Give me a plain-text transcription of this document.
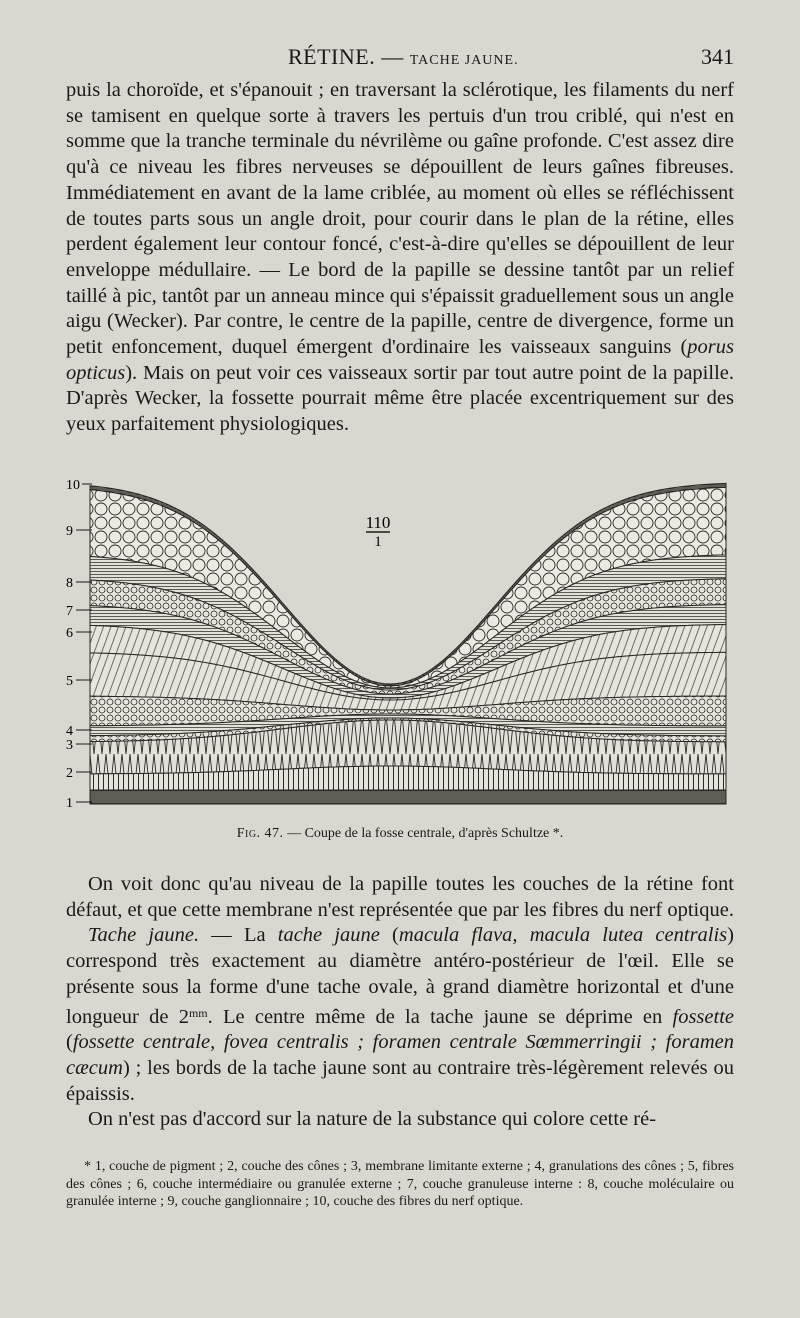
RÉTINE. — TACHE JAUNE.	341

puis la choroïde, et s'épanouit ; en traversant la sclérotique, les filaments du nerf se tamisent en quelque sorte à travers les pertuis d'un trou criblé, qui n'est en somme que la tranche terminale du névrilème ou gaîne profonde. C'est assez dire qu'à ce niveau les fibres nerveuses se dépouillent de leurs gaînes fibreuses. Immédiatement en avant de la lame criblée, au moment où elles se réfléchissent de toutes parts sous un angle droit, pour courir dans le plan de la rétine, elles perdent également leur contour foncé, c'est-à-dire qu'elles se dépouillent de leur enveloppe médullaire. — Le bord de la papille se dessine tantôt par un relief taillé à pic, tantôt par un anneau mince qui s'épaissit graduellement sous un angle aigu (Wecker). Par contre, le centre de la papille, centre de divergence, forme un petit enfoncement, duquel émergent d'ordinaire les vaisseaux sanguins (porus opticus). Mais on peut voir ces vaisseaux sortir par tout autre point de la papille. D'après Wecker, la fossette pourrait même être placée excentriquement sur des yeux parfaitement physiologiques.

10
9
8
7
6
5
4
3
2
1
110
1
Fig. 47. — Coupe de la fosse centrale, d'après Schultze *.

On voit donc qu'au niveau de la papille toutes les couches de la rétine font défaut, et que cette membrane n'est représentée que par les fibres du nerf optique.

Tache jaune. — La tache jaune (macula flava, macula lutea centralis) correspond très exactement au diamètre antéro-postérieur de l'œil. Elle se présente sous la forme d'une tache ovale, à grand diamètre horizontal et d'une longueur de $2^{mm}$. Le centre même de la tache jaune se déprime en fossette (fossette centrale, fovea centralis ; foramen centrale Sœmmerringii ; foramen cæcum) ; les bords de la tache jaune sont au contraire très-légèrement relevés ou épaissis.

On n'est pas d'accord sur la nature de la substance qui colore cette ré-

* 1, couche de pigment ; 2, couche des cônes ; 3, membrane limitante externe ; 4, granulations des cônes ; 5, fibres des cônes ; 6, couche intermédiaire ou granulée externe ; 7, couche granuleuse interne : 8, couche moléculaire ou granulée interne ; 9, couche ganglionnaire ; 10, couche des fibres du nerf optique.
